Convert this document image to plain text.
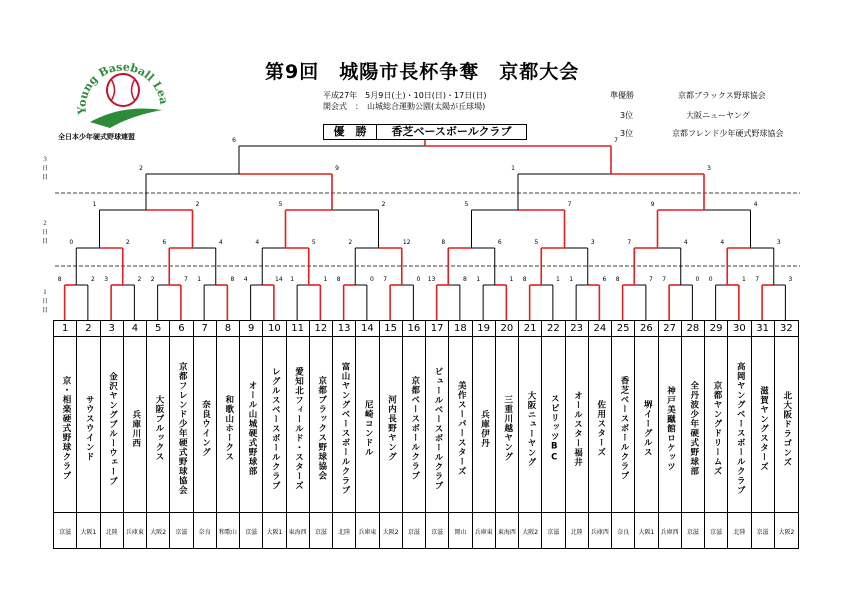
Young Baseball Lea
全日本少年硬式野球連盟
第9回　城陽市長杯争奪　京都大会
平成27年　5月9日(土)・10日(日)・17日(日)
開会式　：　山城総合運動公園(太陽が丘球場)
優　勝	香芝ベースボールクラブ
準優勝	京都ブラックス野球協会
3位	大阪ニューヤング
3位	京都フレンド少年硬式野球協会
３日目
２日目
１日目
8	2 3	2 2	7 1	8 4	14 1	1 8	0 7	0 13	8 1	1 8	1 1	6 8	7 7	0 0	1 7	3
0	2	6	4	4	5	2	12	8	6	5	3	7	4	4	3
1	2	5	2	5	7	9	4
2	9	1	3
6	7
1
京・相楽硬式野球クラブ
京滋
2
サウスウインド
大阪1
3
金沢ヤングブルーウェーブ
北陸
4
兵庫川西
兵庫東
5
大阪ブルックス
大阪2
6
京都フレンド少年硬式野球協会
京滋
7
奈良ウイング
奈良
8
和歌山ホークス
和歌山
9
オール山城硬式野球部
京滋
10
レグルスベースボールクラブ
大阪1
11
愛知北フィールド・スターズ
東海西
12
京都ブラックス野球協会
京滋
13
富山ヤングベースボールクラブ
北陸
14
尼崎コンドル
兵庫東
15
河内長野ヤング
大阪2
16
京都ベースボールクラブ
京滋
17
ビュールベースボールクラブ
京滋
18
美作スーパースターズ
岡山
19
兵庫伊丹
兵庫東
20
三重川越ヤング
東海西
21
大阪ニューヤング
大阪2
22
スピリッツBC
京滋
23
オールスター福井
北陸
24
佐用スターズ
兵庫西
25
香芝ベースボールクラブ
奈良
26
堺イーグルス
大阪1
27
神戸美蹴館ロケッツ
兵庫西
28
全丹波少年硬式野球部
京滋
29
京都ヤングドリームズ
京滋
30
高岡ヤングベースボールクラブ
北陸
31
滋賀ヤングスターズ
京滋
32
北大阪ドラゴンズ
大阪2
